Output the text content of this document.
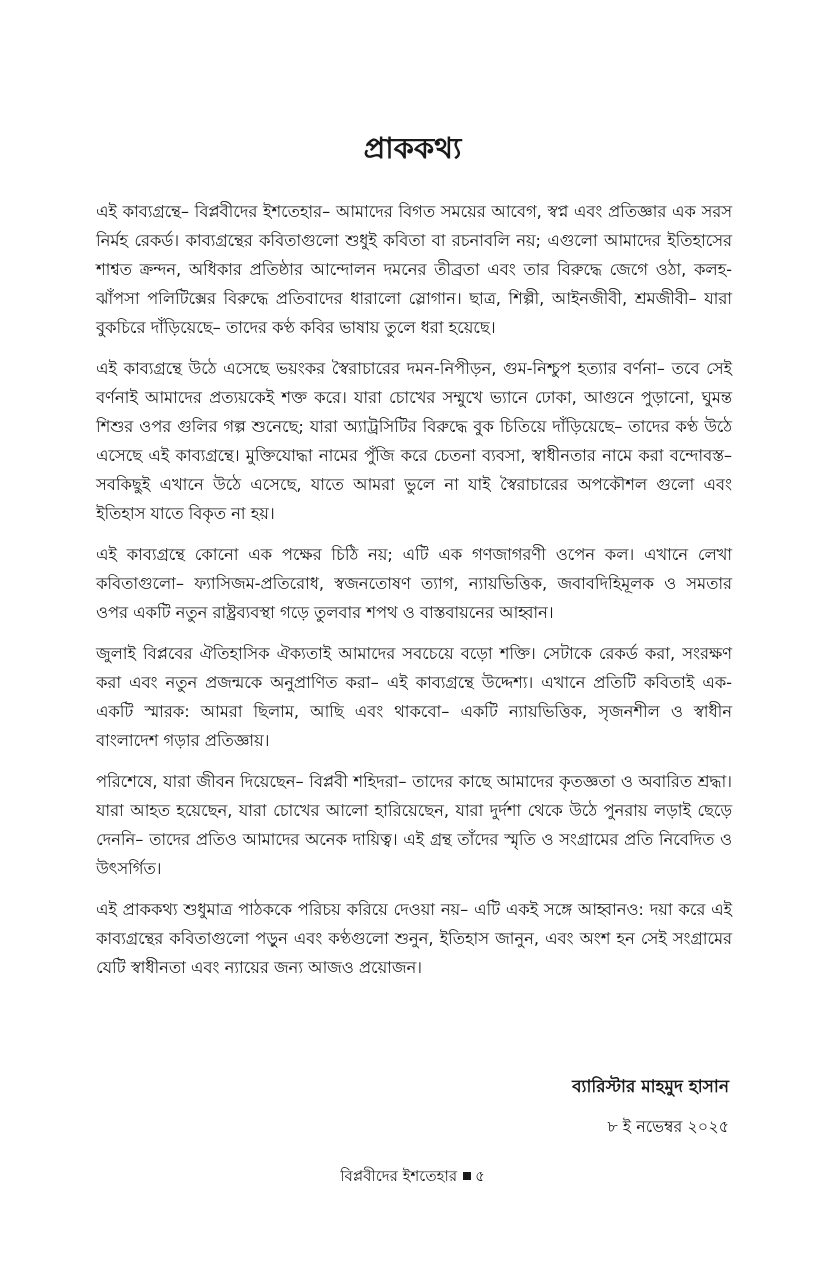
প্রাককথ্য

এই কাব্যগ্রন্থে– বিপ্লবীদের ইশতেহার– আমাদের বিগত সময়ের আবেগ, স্বপ্ন এবং প্রতিজ্ঞার এক সরস নির্মহ রেকর্ড। কাব্যগ্রন্থের কবিতাগুলো শুধুই কবিতা বা রচনাবলি নয়; এগুলো আমাদের ইতিহাসের শাশ্বত ক্রন্দন, অধিকার প্রতিষ্ঠার আন্দোলন দমনের তীব্রতা এবং তার বিরুদ্ধে জেগে ওঠা, কলহ-ঝাঁপসা পলিটিক্সের বিরুদ্ধে প্রতিবাদের ধারালো স্লোগান। ছাত্র, শিল্পী, আইনজীবী, শ্রমজীবী– যারা বুকচিরে দাঁড়িয়েছে– তাদের কণ্ঠ কবির ভাষায় তুলে ধরা হয়েছে।

এই কাব্যগ্রন্থে উঠে এসেছে ভয়ংকর স্বৈরাচারের দমন-নিপীড়ন, গুম-নিশ্চুপ হত্যার বর্ণনা– তবে সেই বর্ণনাই আমাদের প্রত্যয়কেই শক্ত করে। যারা চোখের সম্মুখে ভ্যানে ঢোকা, আগুনে পুড়ানো, ঘুমন্ত শিশুর ওপর গুলির গল্প শুনেছে; যারা অ্যাট্রসিটির বিরুদ্ধে বুক চিতিয়ে দাঁড়িয়েছে– তাদের কণ্ঠ উঠে এসেছে এই কাব্যগ্রন্থে। মুক্তিযোদ্ধা নামের পুঁজি করে চেতনা ব্যবসা, স্বাধীনতার নামে করা বন্দোবস্ত– সবকিছুই এখানে উঠে এসেছে, যাতে আমরা ভুলে না যাই স্বৈরাচারের অপকৌশল গুলো এবং ইতিহাস যাতে বিকৃত না হয়।

এই কাব্যগ্রন্থে কোনো এক পক্ষের চিঠি নয়; এটি এক গণজাগরণী ওপেন কল। এখানে লেখা কবিতাগুলো– ফ্যাসিজম-প্রতিরোধ, স্বজনতোষণ ত্যাগ, ন্যায়ভিত্তিক, জবাবদিহিমূলক ও সমতার ওপর একটি নতুন রাষ্ট্রব্যবস্থা গড়ে তুলবার শপথ ও বাস্তবায়নের আহ্বান।

জুলাই বিপ্লবের ঐতিহাসিক ঐক্যতাই আমাদের সবচেয়ে বড়ো শক্তি। সেটাকে রেকর্ড করা, সংরক্ষণ করা এবং নতুন প্রজন্মকে অনুপ্রাণিত করা– এই কাব্যগ্রন্থে উদ্দেশ্য। এখানে প্রতিটি কবিতাই এক-একটি স্মারক: আমরা ছিলাম, আছি এবং থাকবো– একটি ন্যায়ভিত্তিক, সৃজনশীল ও স্বাধীন বাংলাদেশ গড়ার প্রতিজ্ঞায়।

পরিশেষে, যারা জীবন দিয়েছেন– বিপ্লবী শহিদরা– তাদের কাছে আমাদের কৃতজ্ঞতা ও অবারিত শ্রদ্ধা। যারা আহত হয়েছেন, যারা চোখের আলো হারিয়েছেন, যারা দুর্দশা থেকে উঠে পুনরায় লড়াই ছেড়ে দেননি– তাদের প্রতিও আমাদের অনেক দায়িত্ব। এই গ্রন্থ তাঁদের স্মৃতি ও সংগ্রামের প্রতি নিবেদিত ও উৎসর্গিত।

এই প্রাককথ্য শুধুমাত্র পাঠককে পরিচয় করিয়ে দেওয়া নয়– এটি একই সঙ্গে আহ্বানও: দয়া করে এই কাব্যগ্রন্থের কবিতাগুলো পড়ুন এবং কণ্ঠগুলো শুনুন, ইতিহাস জানুন, এবং অংশ হন সেই সংগ্রামের যেটি স্বাধীনতা এবং ন্যায়ের জন্য আজও প্রয়োজন।

ব্যারিস্টার মাহমুদ হাসান
৮ ই নভেম্বর ২০২৫
বিপ্লবীদের ইশতেহার ৫
